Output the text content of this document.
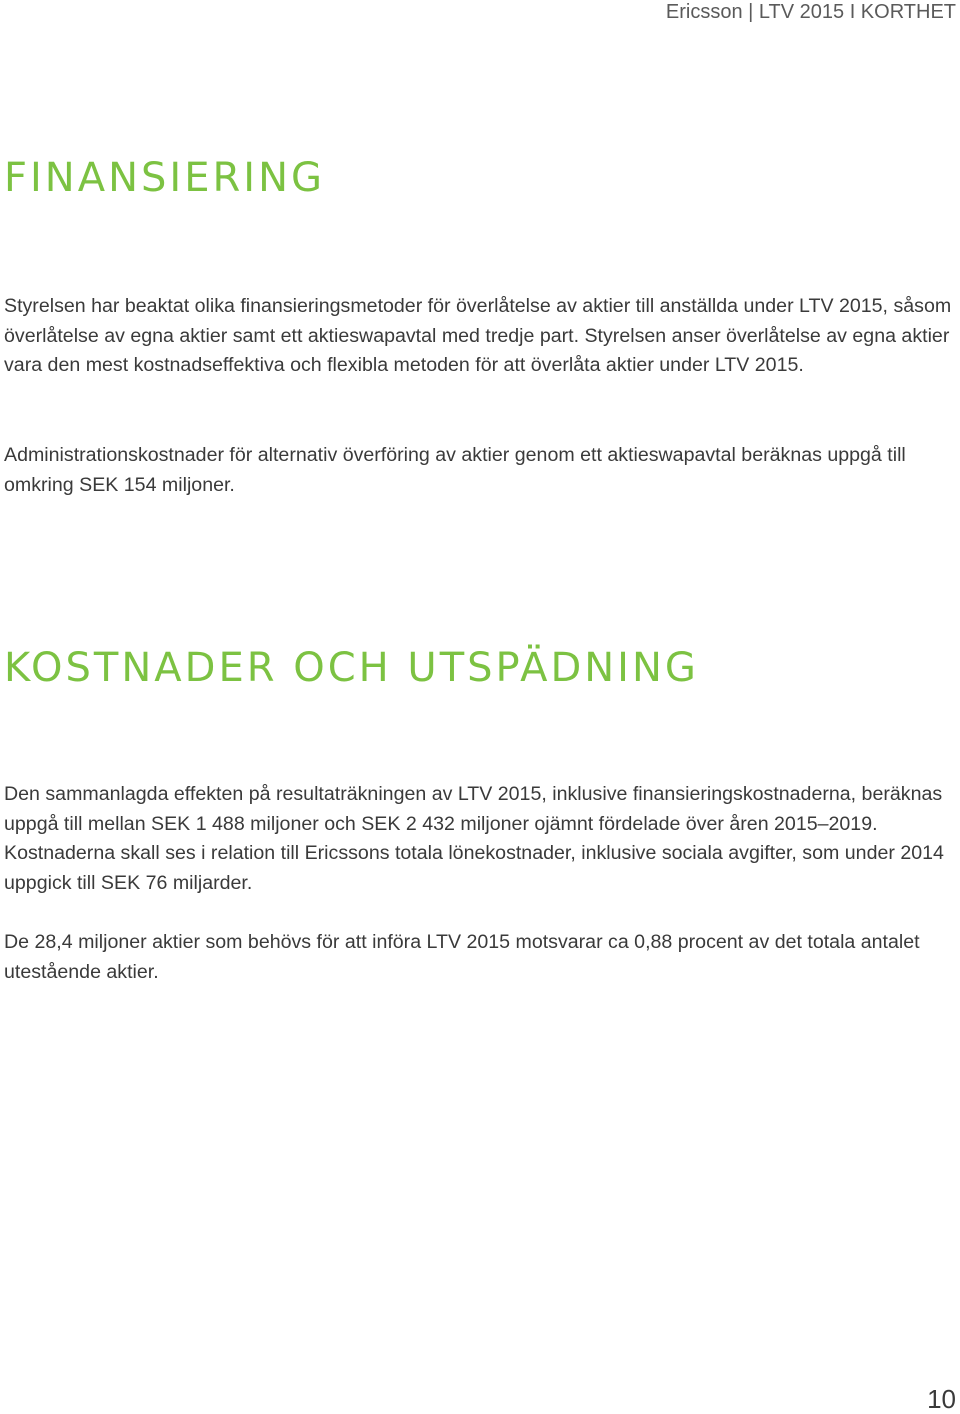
Ericsson | LTV 2015 I KORTHET
FINANSIERING

Styrelsen har beaktat olika finansieringsmetoder för överlåtelse av aktier till anställda under LTV 2015, såsom överlåtelse av egna aktier samt ett aktieswapavtal med tredje part. Styrelsen anser överlåtelse av egna aktier vara den mest kostnadseffektiva och flexibla metoden för att överlåta aktier under LTV 2015.

Administrationskostnader för alternativ överföring av aktier genom ett aktieswapavtal beräknas uppgå till omkring SEK 154 miljoner.

KOSTNADER OCH UTSPÄDNING

Den sammanlagda effekten på resultaträkningen av LTV 2015, inklusive finansieringskostnaderna, beräknas uppgå till mellan SEK 1 488 miljoner och SEK 2 432 miljoner ojämnt fördelade över åren 2015–2019. Kostnaderna skall ses i relation till Ericssons totala lönekostnader, inklusive sociala avgifter, som under 2014 uppgick till SEK 76 miljarder.

De 28,4 miljoner aktier som behövs för att införa LTV 2015 motsvarar ca 0,88 procent av det totala antalet utestående aktier.

10
